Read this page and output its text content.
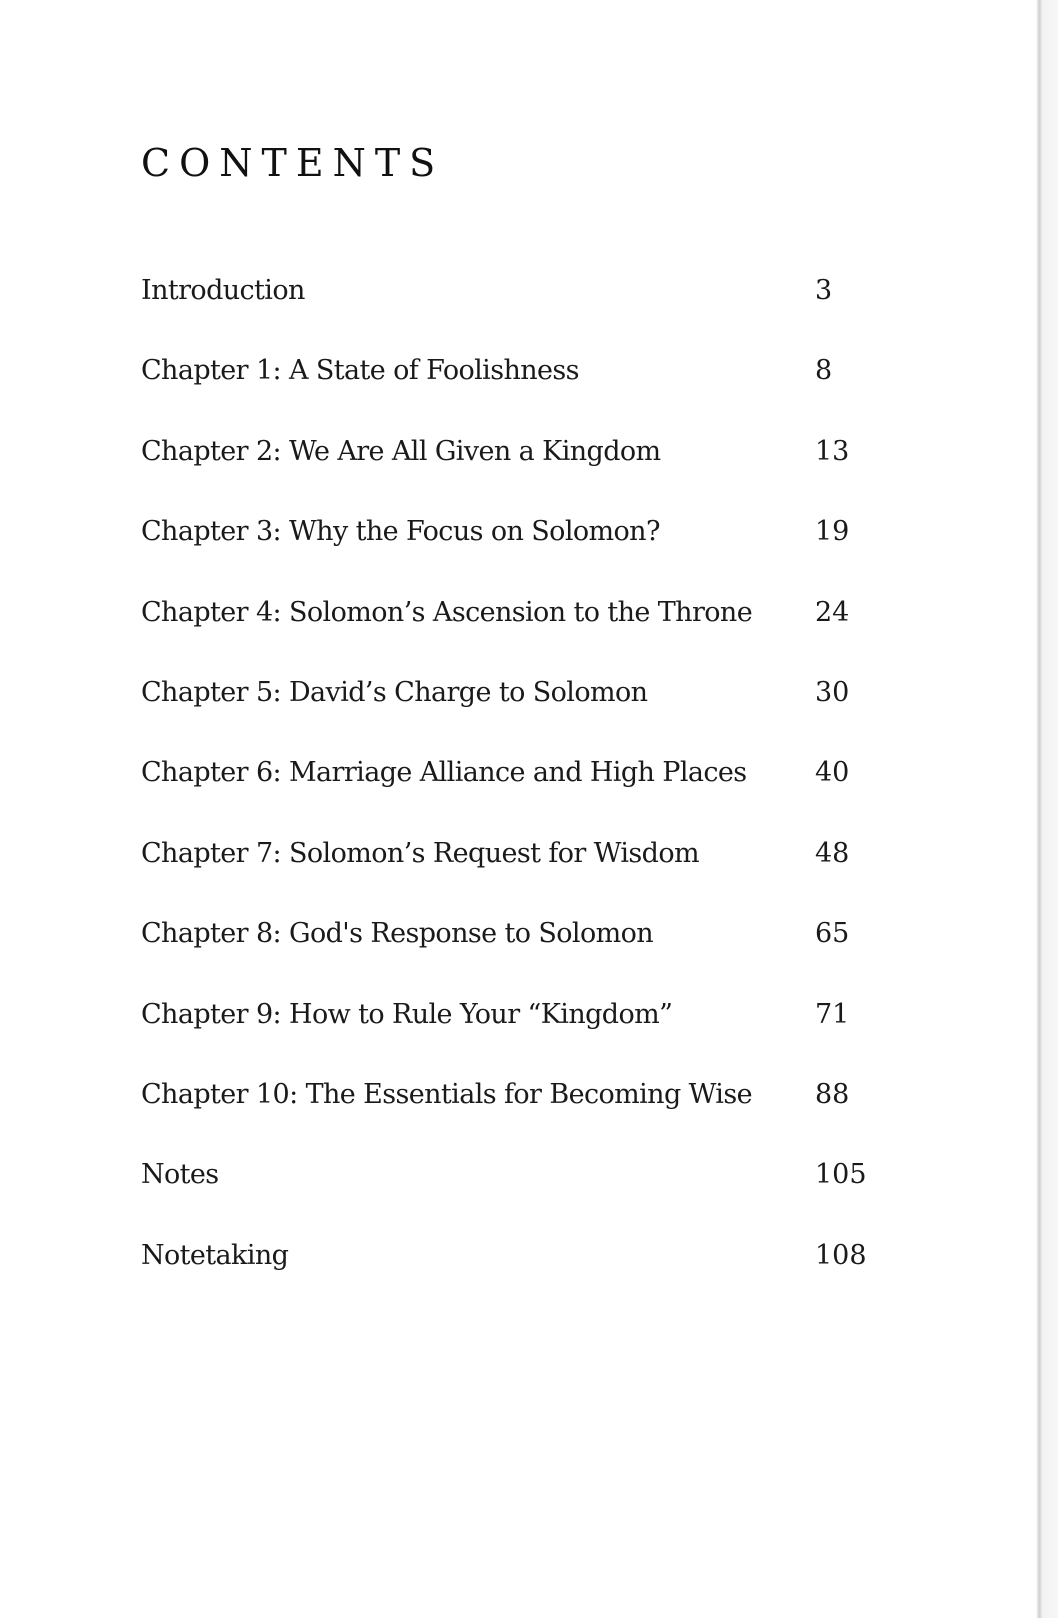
CONTENTS
Introduction	3
Chapter 1: A State of Foolishness	8
Chapter 2: We Are All Given a Kingdom	13
Chapter 3: Why the Focus on Solomon?	19
Chapter 4: Solomon’s Ascension to the Throne 24
Chapter 5: David’s Charge to Solomon	30
Chapter 6: Marriage Alliance and High Places	40
Chapter 7: Solomon’s Request for Wisdom	48
Chapter 8: God's Response to Solomon	65
Chapter 9: How to Rule Your “Kingdom”	71
Chapter 10: The Essentials for Becoming Wise 88
Notes	105
Notetaking	108
